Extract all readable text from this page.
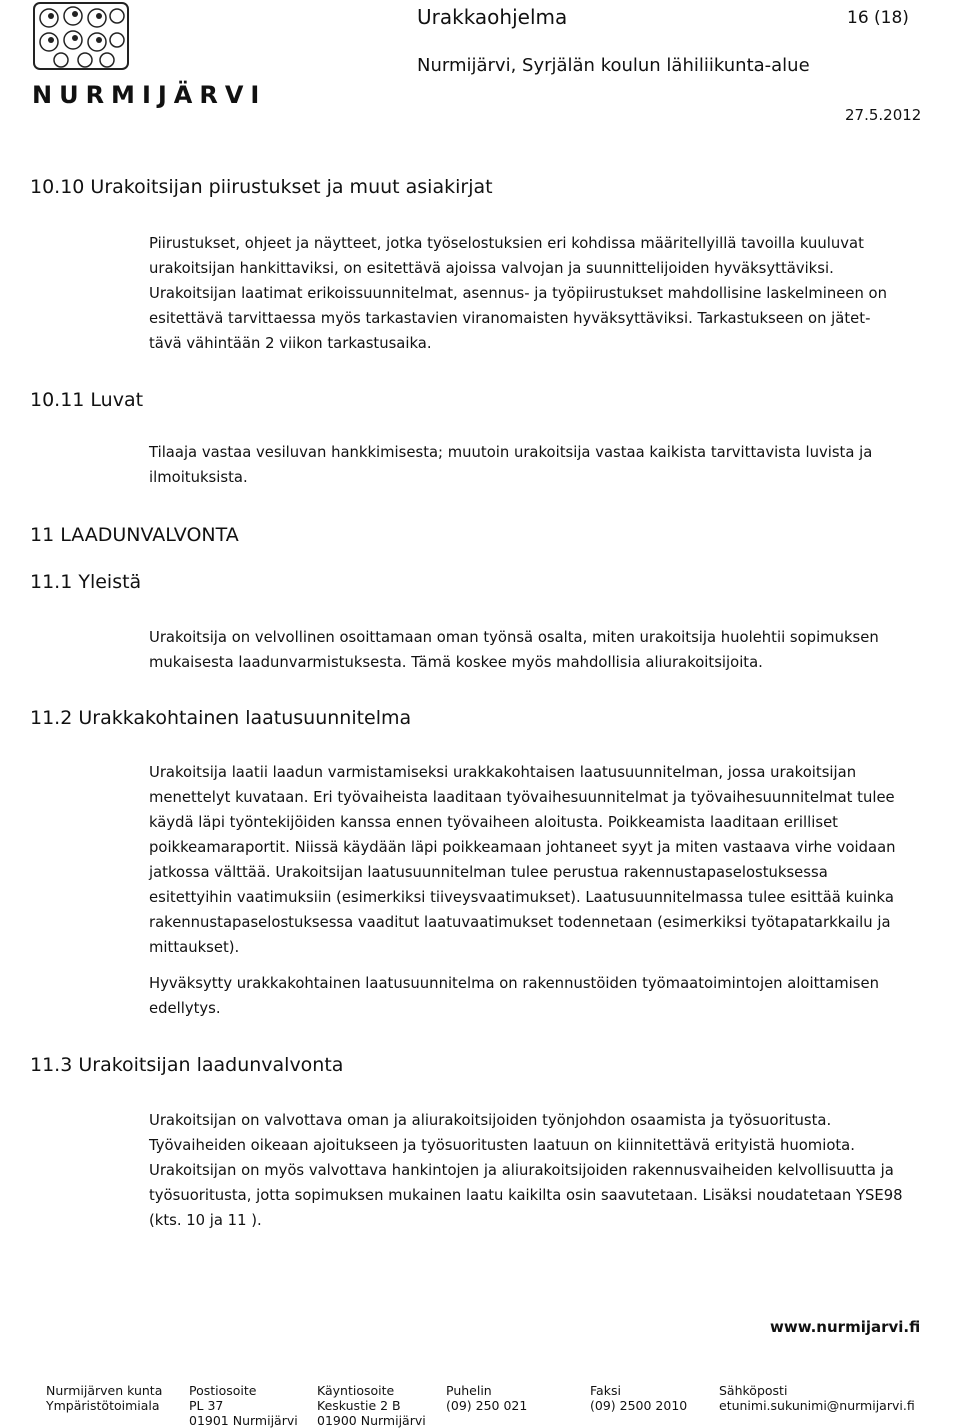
NURMIJÄRVI
Urakkaohjelma	16 (18)
Nurmijärvi, Syrjälän koulun lähiliikunta-alue
27.5.2012
10.10 Urakoitsijan piirustukset ja muut asiakirjat
Piirustukset, ohjeet ja näytteet, jotka työselostuksien eri kohdissa määritellyillä tavoilla kuuluvat
urakoitsijan hankittaviksi, on esitettävä ajoissa valvojan ja suunnittelijoiden hyväksyttäviksi.
Urakoitsijan laatimat erikoissuunnitelmat, asennus- ja työpiirustukset mahdollisine laskelmineen on
esitettävä tarvittaessa myös tarkastavien viranomaisten hyväksyttäviksi. Tarkastukseen on jätet-
tävä vähintään 2 viikon tarkastusaika.
10.11 Luvat
Tilaaja vastaa vesiluvan hankkimisesta; muutoin urakoitsija vastaa kaikista tarvittavista luvista ja
ilmoituksista.
11 LAADUNVALVONTA
11.1 Yleistä
Urakoitsija on velvollinen osoittamaan oman työnsä osalta, miten urakoitsija huolehtii sopimuksen
mukaisesta laadunvarmistuksesta. Tämä koskee myös mahdollisia aliurakoitsijoita.
11.2 Urakkakohtainen laatusuunnitelma
Urakoitsija laatii laadun varmistamiseksi urakkakohtaisen laatusuunnitelman, jossa urakoitsijan
menettelyt kuvataan. Eri työvaiheista laaditaan työvaihesuunnitelmat ja työvaihesuunnitelmat tulee
käydä läpi työntekijöiden kanssa ennen työvaiheen aloitusta. Poikkeamista laaditaan erilliset
poikkeamaraportit. Niissä käydään läpi poikkeamaan johtaneet syyt ja miten vastaava virhe voidaan
jatkossa välttää. Urakoitsijan laatusuunnitelman tulee perustua rakennustapaselostuksessa
esitettyihin vaatimuksiin (esimerkiksi tiiveysvaatimukset). Laatusuunnitelmassa tulee esittää kuinka
rakennustapaselostuksessa vaaditut laatuvaatimukset todennetaan (esimerkiksi työtapatarkkailu ja
mittaukset).
Hyväksytty urakkakohtainen laatusuunnitelma on rakennustöiden työmaatoimintojen aloittamisen
edellytys.
11.3 Urakoitsijan laadunvalvonta
Urakoitsijan on valvottava oman ja aliurakoitsijoiden työnjohdon osaamista ja työsuoritusta.
Työvaiheiden oikeaan ajoitukseen ja työsuoritusten laatuun on kiinnitettävä erityistä huomiota.
Urakoitsijan on myös valvottava hankintojen ja aliurakoitsijoiden rakennusvaiheiden kelvollisuutta ja
työsuoritusta, jotta sopimuksen mukainen laatu kaikilta osin saavutetaan. Lisäksi noudatetaan YSE98
(kts. 10 ja 11 ).
www.nurmijarvi.fi
Nurmijärven kunta
Ympäristötoimiala
Postiosoite
PL 37
01901 Nurmijärvi
Käyntiosoite
Keskustie 2 B
01900 Nurmijärvi
Puhelin
(09) 250 021
Faksi
(09) 2500 2010
Sähköposti
etunimi.sukunimi@nurmijarvi.fi
